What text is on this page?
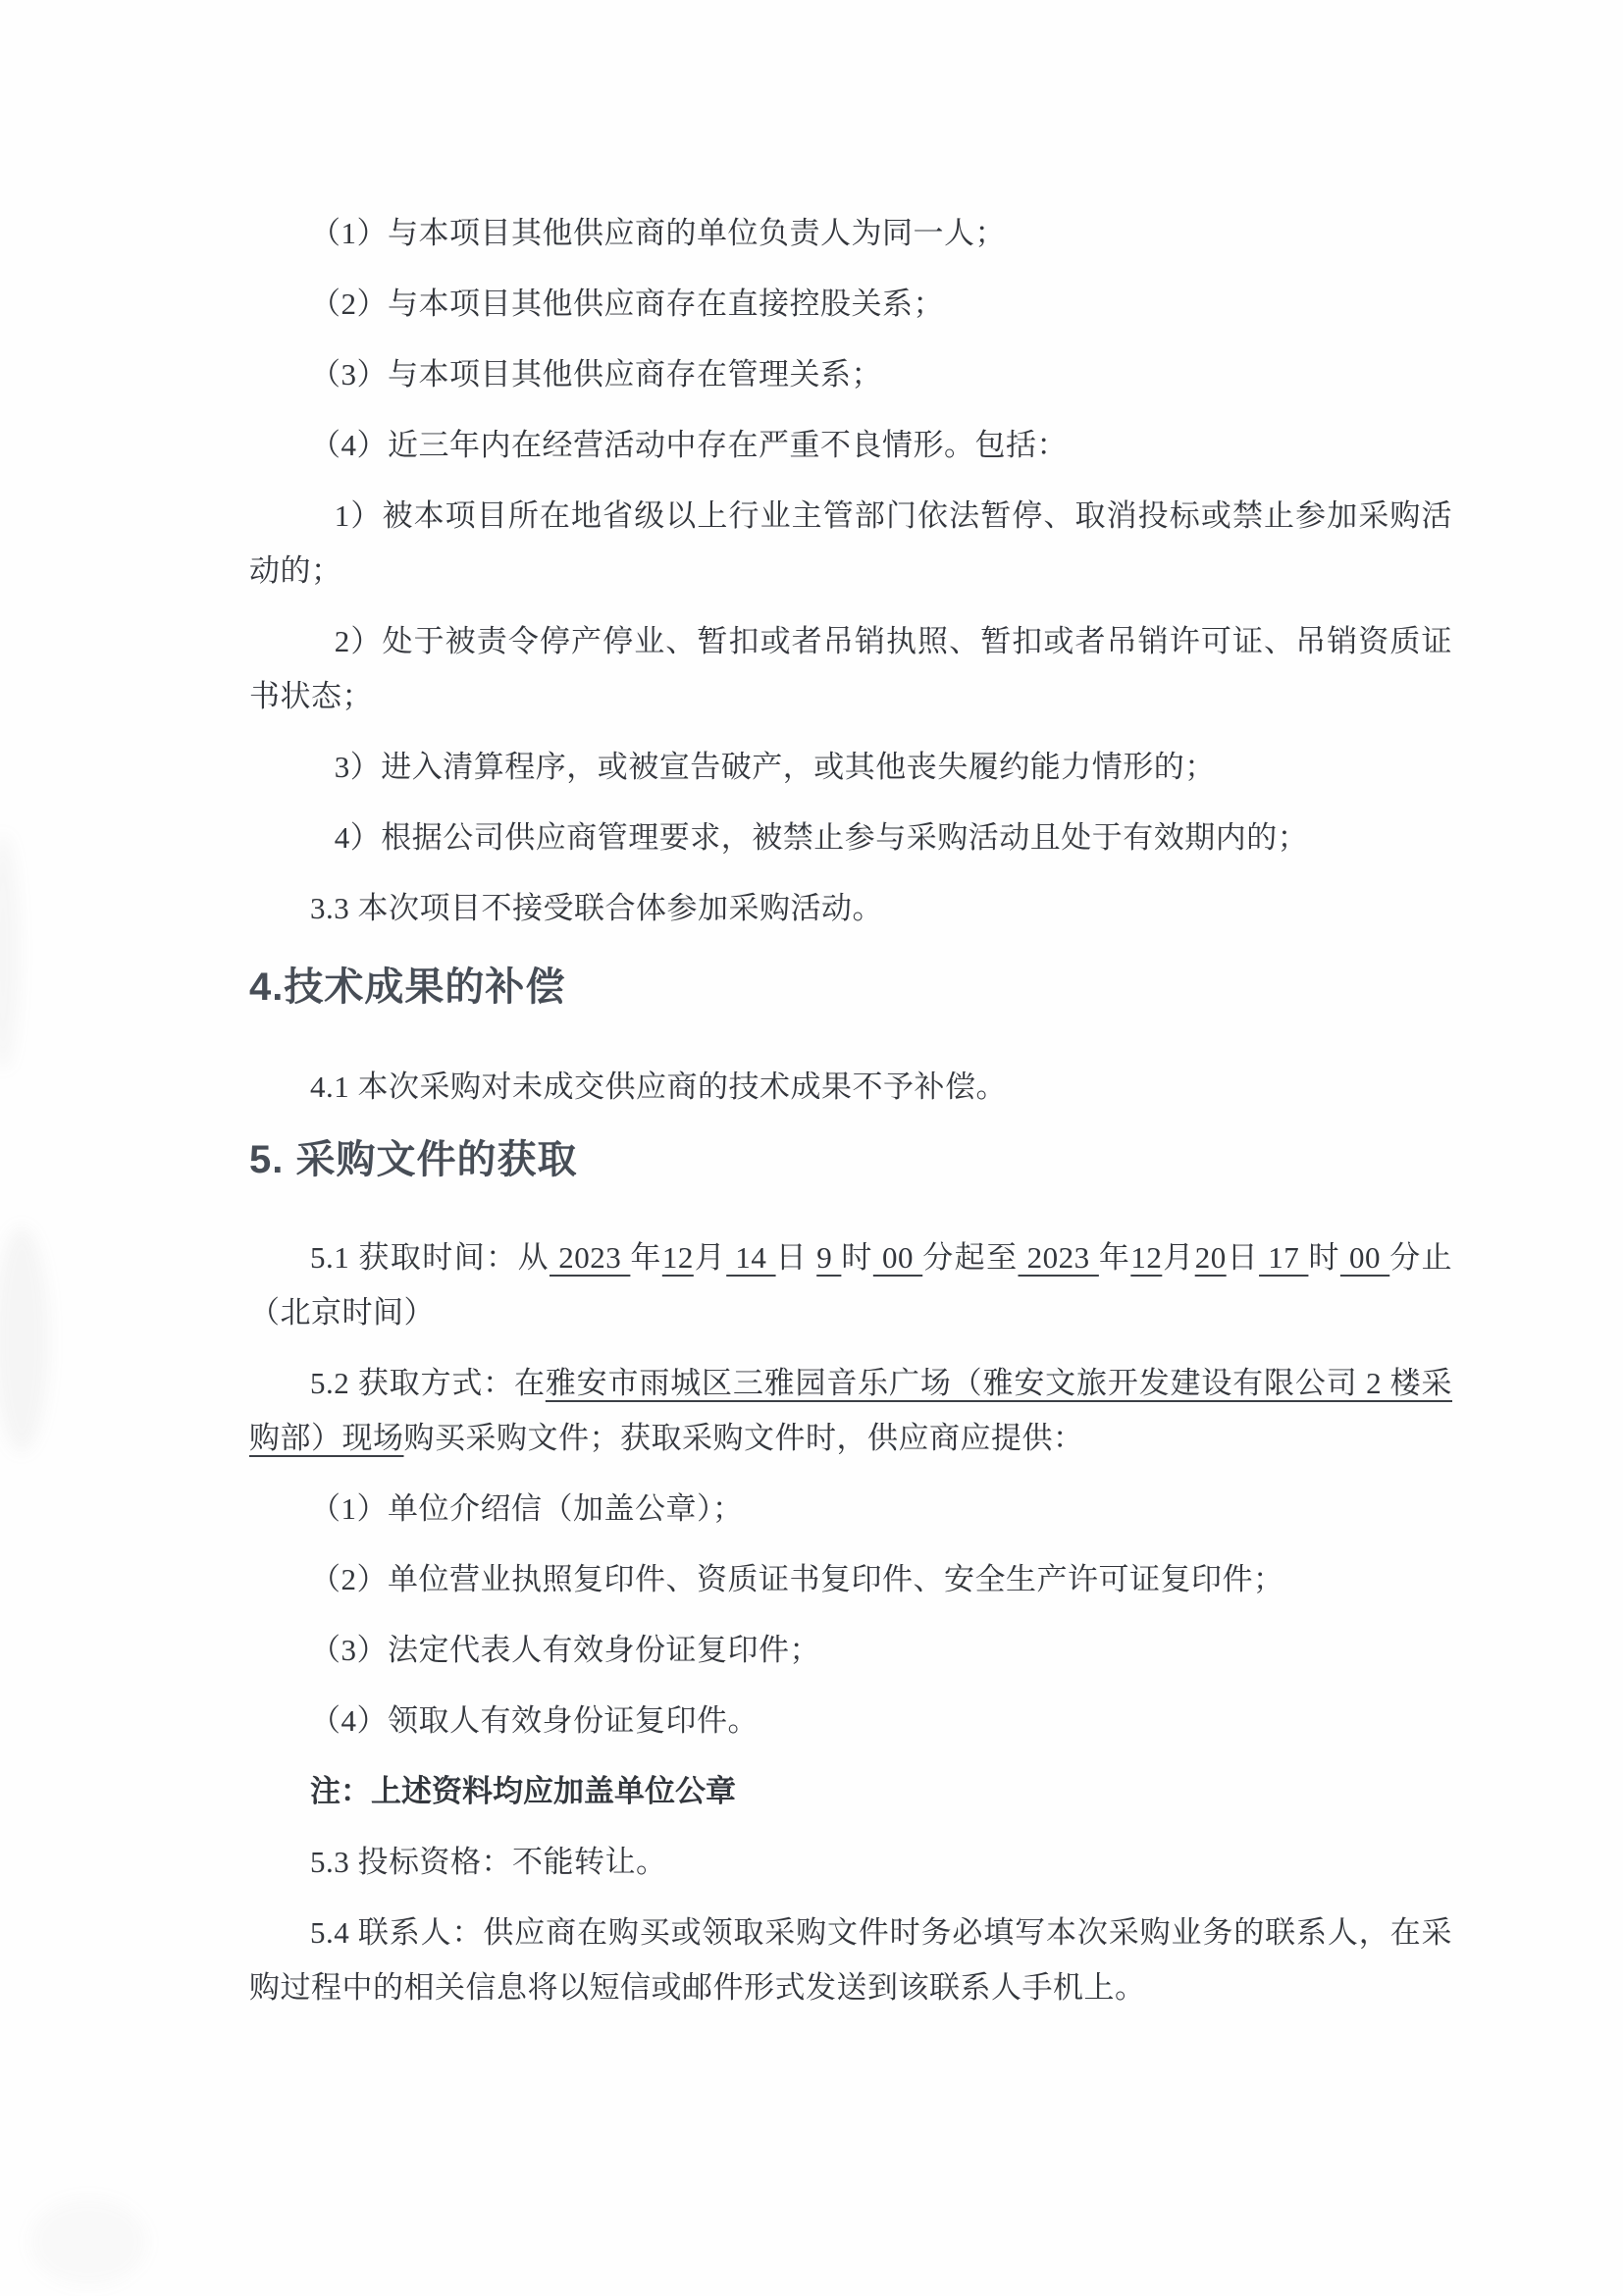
（1）与本项目其他供应商的单位负责人为同一人；

（2）与本项目其他供应商存在直接控股关系；

（3）与本项目其他供应商存在管理关系；

（4）近三年内在经营活动中存在严重不良情形。包括：

1）被本项目所在地省级以上行业主管部门依法暂停、取消投标或禁止参加采购活动的；

2）处于被责令停产停业、暂扣或者吊销执照、暂扣或者吊销许可证、吊销资质证书状态；

3）进入清算程序，或被宣告破产，或其他丧失履约能力情形的；

4）根据公司供应商管理要求，被禁止参与采购活动且处于有效期内的；

3.3 本次项目不接受联合体参加采购活动。

4.技术成果的补偿

4.1 本次采购对未成交供应商的技术成果不予补偿。

5. 采购文件的获取

5.1 获取时间：从 2023 年12月 14 日 9 时 00 分起至 2023 年12月20日 17 时 00 分止（北京时间）

5.2 获取方式：在雅安市雨城区三雅园音乐广场（雅安文旅开发建设有限公司 2 楼采购部）现场购买采购文件；获取采购文件时，供应商应提供：

（1）单位介绍信（加盖公章）；

（2）单位营业执照复印件、资质证书复印件、安全生产许可证复印件；

（3）法定代表人有效身份证复印件；

（4）领取人有效身份证复印件。

注：上述资料均应加盖单位公章

5.3 投标资格：不能转让。

5.4 联系人：供应商在购买或领取采购文件时务必填写本次采购业务的联系人，在采购过程中的相关信息将以短信或邮件形式发送到该联系人手机上。
